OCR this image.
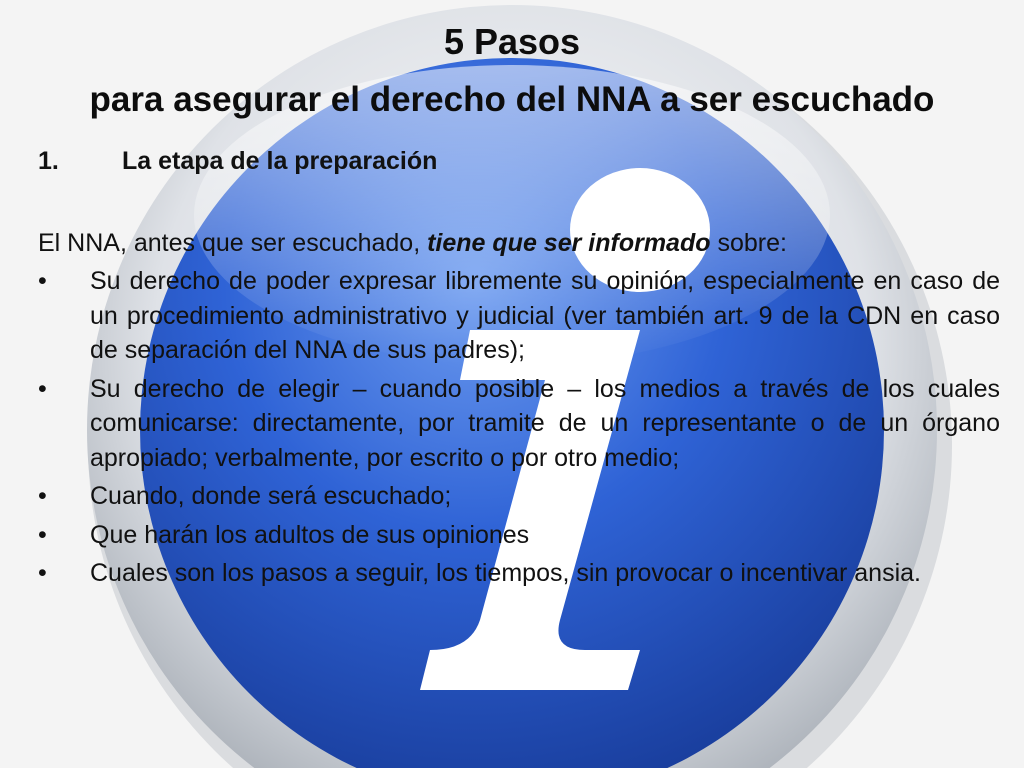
5 Pasos
para asegurar el derecho del NNA a ser escuchado
1.	La etapa de la preparación
El NNA, antes que ser escuchado, tiene que ser informado sobre:
•	Su derecho de poder expresar libremente su opinión, especialmente en caso de un procedimiento administrativo y judicial (ver también art. 9 de la CDN en caso de separación del NNA de sus padres);
•	Su derecho de elegir – cuando posible – los medios a través de los cuales comunicarse: directamente, por tramite de un representante o de un órgano apropiado; verbalmente, por escrito o por otro medio;
•	Cuando, donde será escuchado;
•	Que harán los adultos de sus opiniones
•	Cuales son los pasos a seguir, los tiempos, sin provocar o incentivar ansia.
